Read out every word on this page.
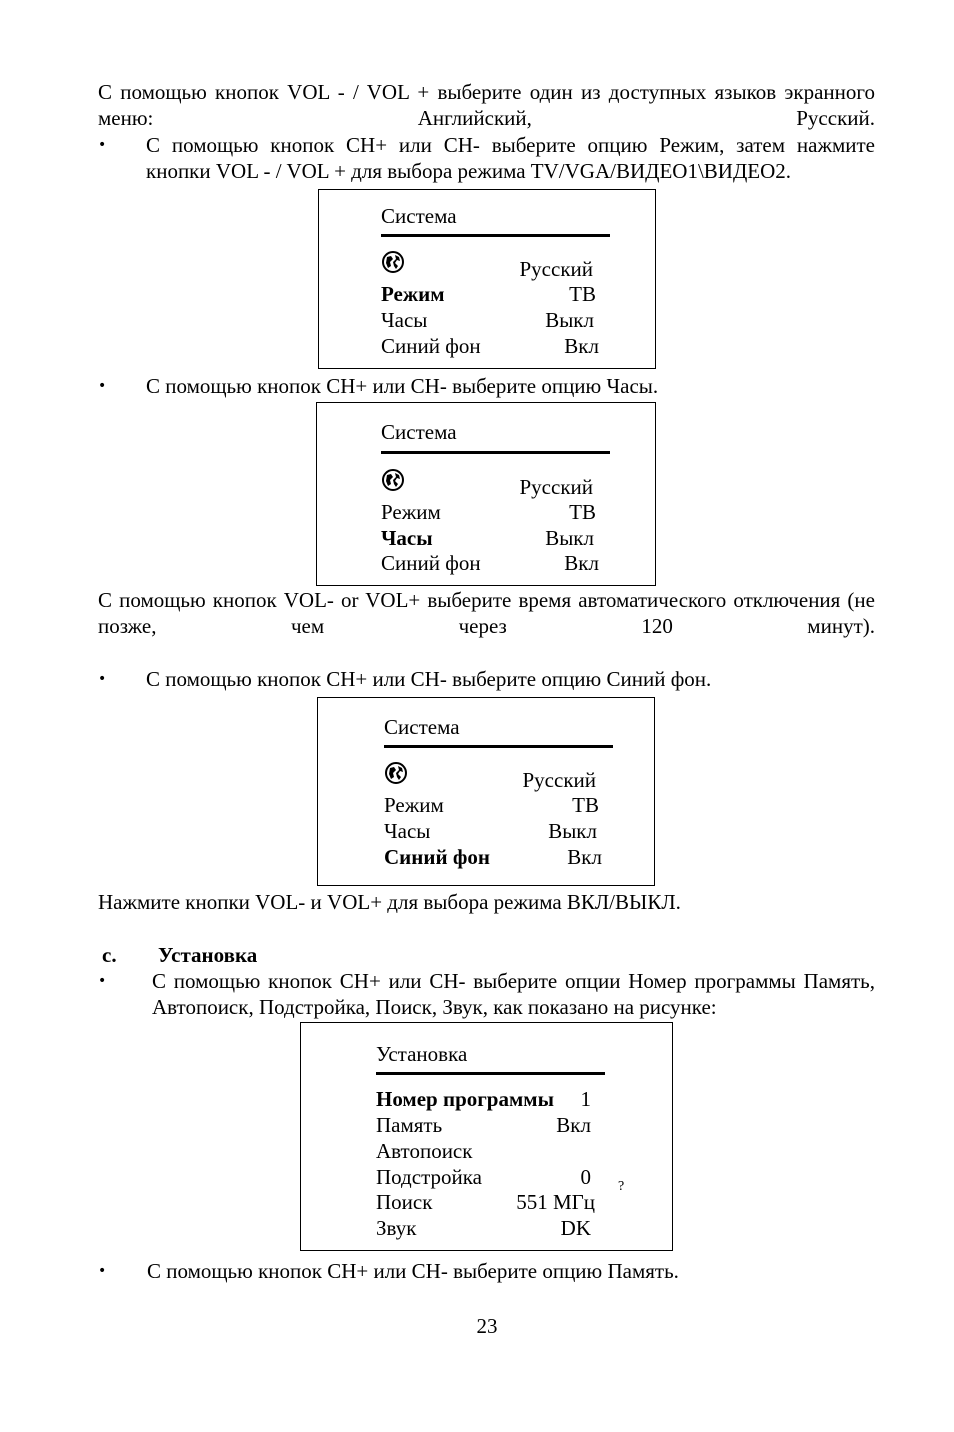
С помощью кнопок VOL - / VOL + выберите один из доступных языков экранного меню: Английский, Русский.
• С помощью кнопок CH+ или CH- выберите опцию Режим, затем нажмите кнопки VOL - / VOL + для выбора режима TV/VGA/ВИДЕО1\ВИДЕО2.
Система
Русский
Режим	ТВ
Часы	Выкл
Синий фон	Вкл
• С помощью кнопок CH+ или CH- выберите опцию Часы.
Система
Русский
Режим	ТВ
Часы	Выкл
Синий фон	Вкл
С помощью кнопок VOL- or VOL+ выберите время автоматического отключения (не позже, чем через 120 минут).
• С помощью кнопок CH+ или CH- выберите опцию Синий фон.
Система
Русский
Режим	ТВ
Часы	Выкл
Синий фон	Вкл
Нажмите кнопки VOL- и VOL+ для выбора режима ВКЛ/ВЫКЛ.
c. Установка
• С помощью кнопок CH+ или CH- выберите опции Номер программы Память, Автопоиск, Подстройка, Поиск, Звук, как показано на рисунке:
Установка
Номер программы 1
Память	Вкл
Автопоиск
Подстройка	0
Поиск	551 МГц
Звук	DK
?
• С помощью кнопок CH+ или CH- выберите опцию Память.
23
